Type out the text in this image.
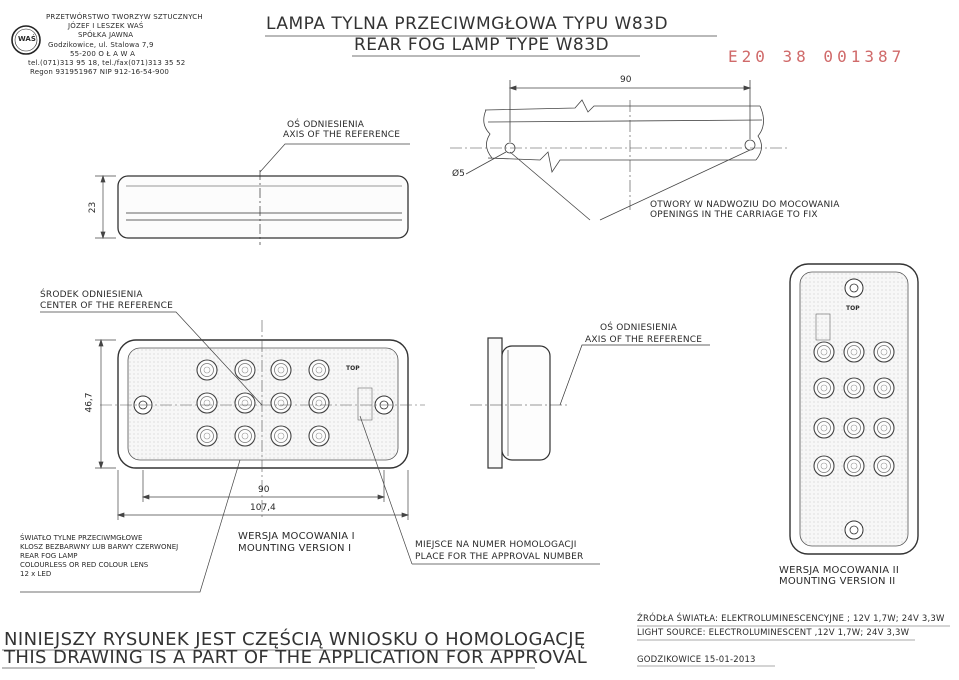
WAŚ
PRZETWÓRSTWO TWORZYW SZTUCZNYCH
JÓZEF I LESZEK WAŚ
SPÓŁKA JAWNA
Godzikowice, ul. Stalowa 7,9
55-200 O Ł A W A
tel.(071)313 95 18, tel./fax(071)313 35 52
Regon 931951967 NIP 912-16-54-900
LAMPA TYLNA PRZECIWMGŁOWA TYPU W83D
REAR FOG LAMP TYPE W83D
E20 38 001387
OŚ ODNIESIENIA
AXIS OF THE REFERENCE
23
90
Ø5
OTWORY W NADWOZIU DO MOCOWANIA
OPENINGS IN THE CARRIAGE TO FIX
ŚRODEK ODNIESIENIA
CENTER OF THE REFERENCE
46,7
TOP
90
107,4
ŚWIATŁO TYLNE PRZECIWMGŁOWE
KLOSZ BEZBARWNY LUB BARWY CZERWONEJ
REAR FOG LAMP
COLOURLESS OR RED COLOUR LENS
12 x LED
WERSJA MOCOWANIA I
MOUNTING VERSION I	MIEJSCE NA NUMER HOMOLOGACJI
PLACE FOR THE APPROVAL NUMBER
OŚ ODNIESIENIA
AXIS OF THE REFERENCE
TOP
WERSJA MOCOWANIA II
MOUNTING VERSION II
NINIEJSZY RYSUNEK JEST CZĘŚCIĄ WNIOSKU O HOMOLOGACJĘ
THIS DRAWING IS A PART OF THE APPLICATION FOR APPROVAL
ŹRÓDŁA ŚWIATŁA: ELEKTROLUMINESCENCYJNE ; 12V 1,7W; 24V 3,3W
LIGHT SOURCE: ELECTROLUMINESCENT ,12V 1,7W; 24V 3,3W
GODZIKOWICE 15-01-2013
